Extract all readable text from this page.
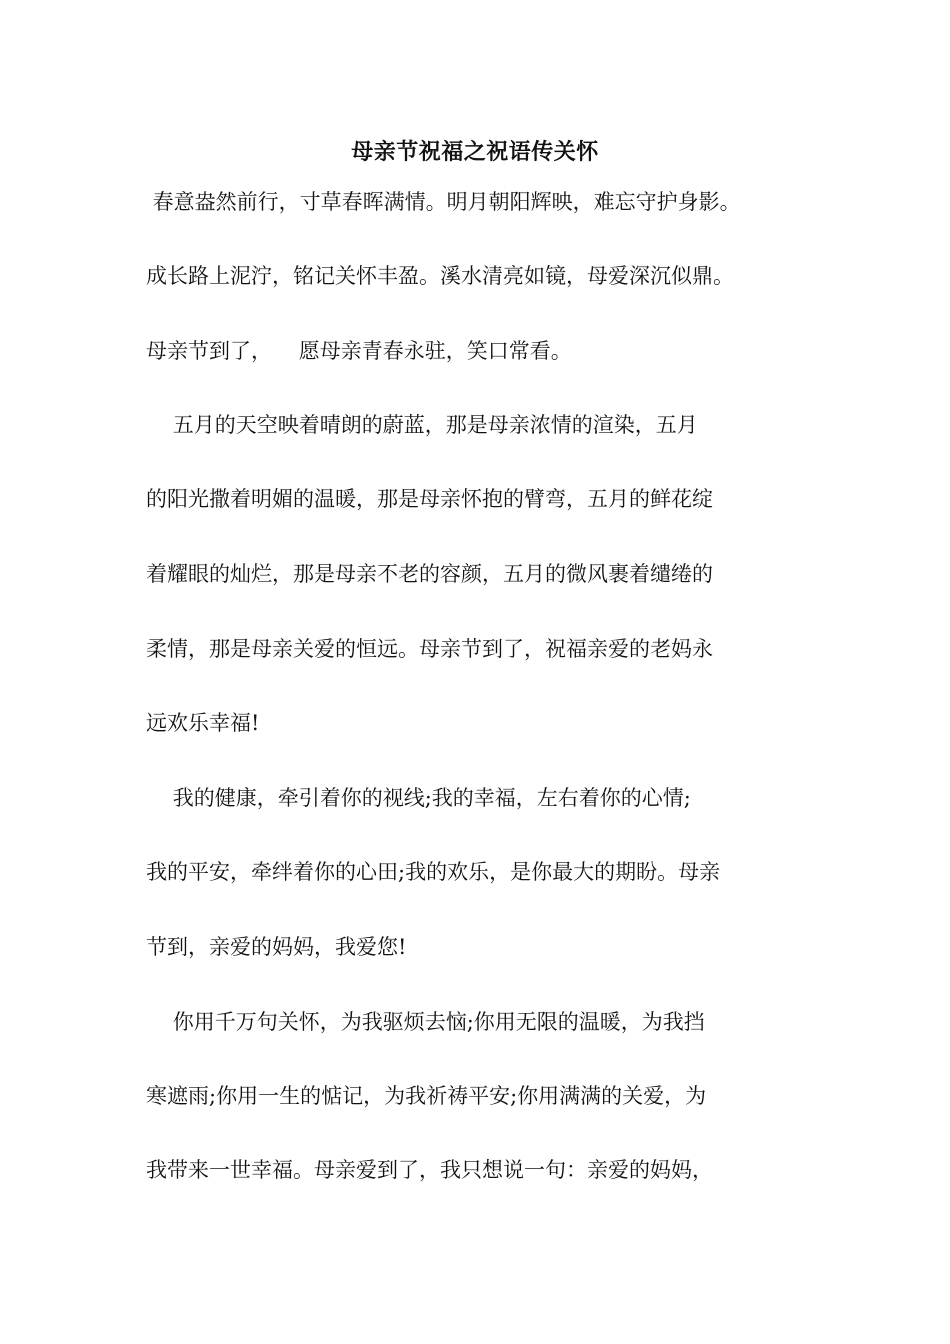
母亲节祝福之祝语传关怀

春意盎然前行，寸草春晖满情。明月朝阳辉映，难忘守护身影。

成长路上泥泞，铭记关怀丰盈。溪水清亮如镜，母爱深沉似鼎。

母亲节到了，    愿母亲青春永驻，笑口常看。

五月的天空映着晴朗的蔚蓝，那是母亲浓情的渲染，五月

的阳光撒着明媚的温暖，那是母亲怀抱的臂弯，五月的鲜花绽

着耀眼的灿烂，那是母亲不老的容颜，五月的微风裹着缱绻的

柔情，那是母亲关爱的恒远。母亲节到了，祝福亲爱的老妈永

远欢乐幸福!

我的健康，牵引着你的视线;我的幸福，左右着你的心情;

我的平安，牵绊着你的心田;我的欢乐，是你最大的期盼。母亲

节到，亲爱的妈妈，我爱您!

你用千万句关怀，为我驱烦去恼;你用无限的温暖，为我挡

寒遮雨;你用一生的惦记，为我祈祷平安;你用满满的关爱，为

我带来一世幸福。母亲爱到了，我只想说一句：亲爱的妈妈，
